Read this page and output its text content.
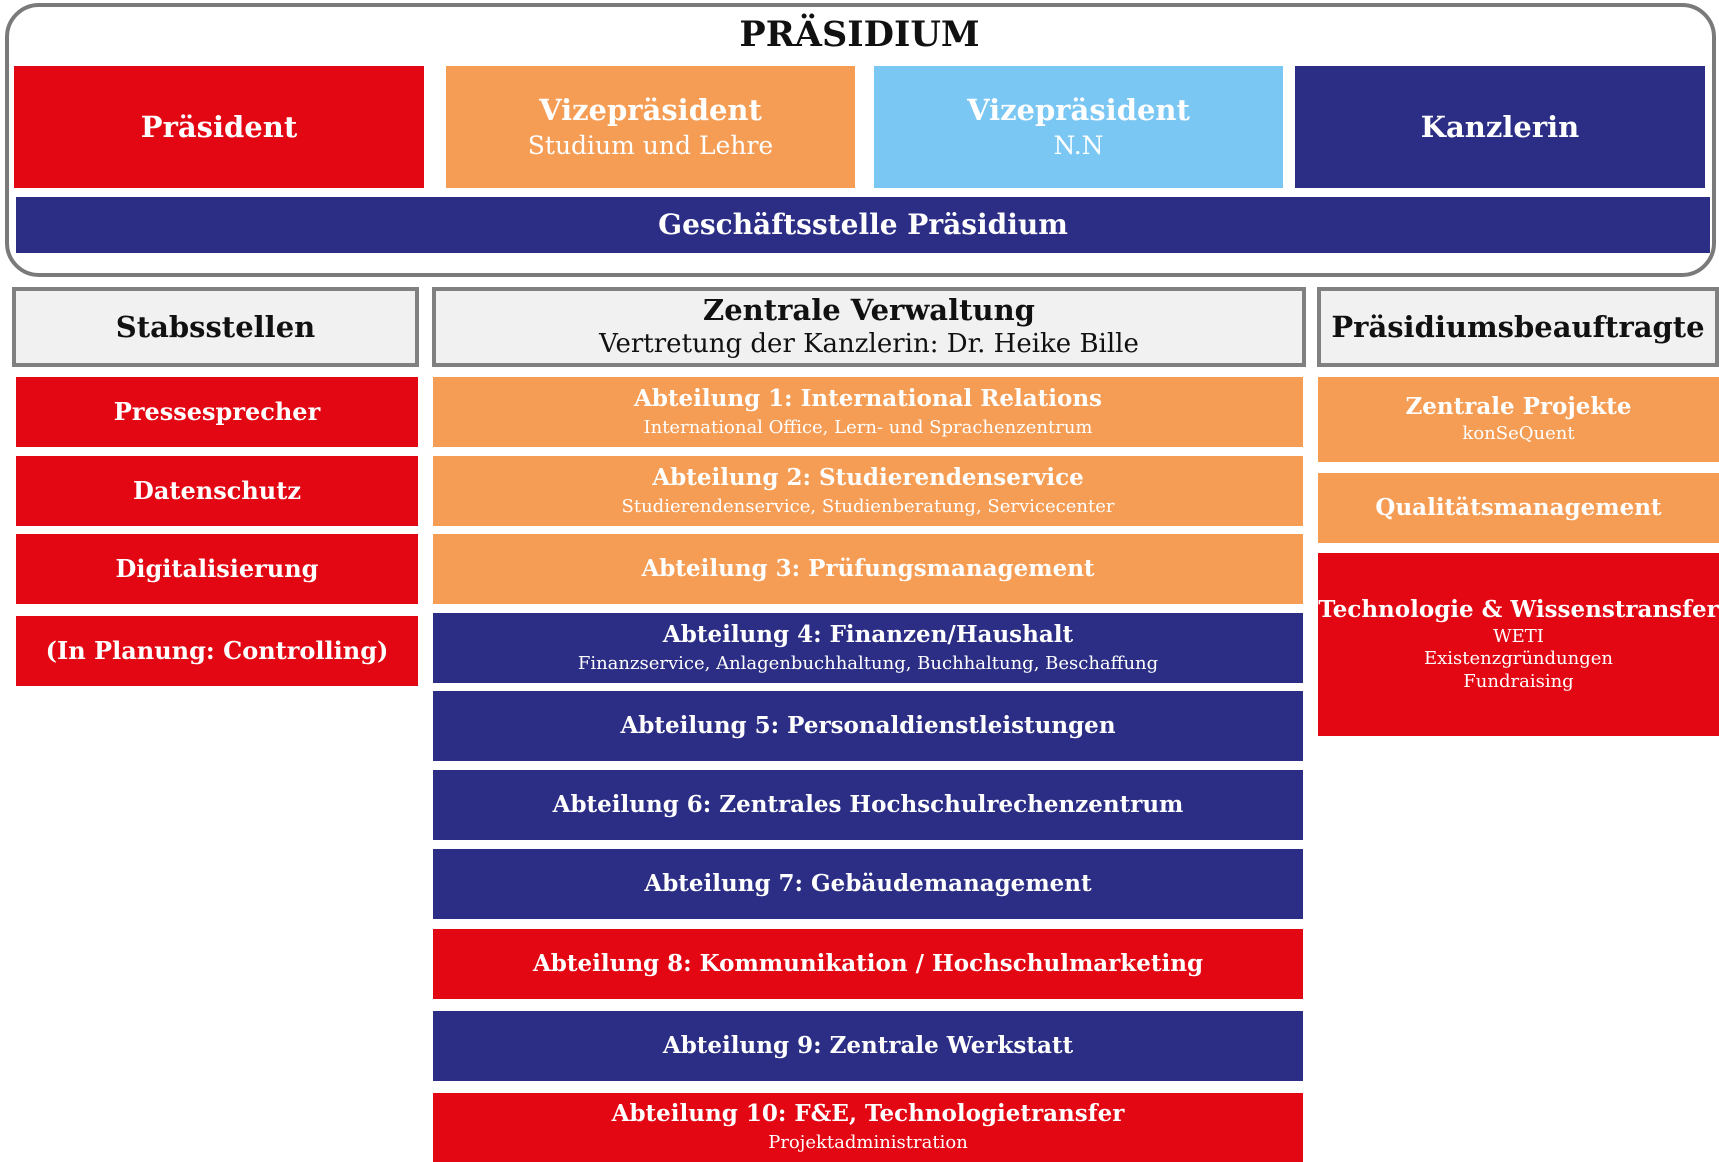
PRÄSIDIUM
Präsident	Vizepräsident
Studium und Lehre
Vizepräsident
N.N
Kanzlerin
Geschäftsstelle Präsidium
Stabsstellen	Zentrale Verwaltung
Vertretung der Kanzlerin: Dr. Heike Bille
Präsidiumsbeauftragte
Pressesprecher
Datenschutz
Digitalisierung
(In Planung: Controlling)
Abteilung 1: International Relations
International Office, Lern- und Sprachenzentrum
Abteilung 2: Studierendenservice
Studierendenservice, Studienberatung, Servicecenter
Abteilung 3: Prüfungsmanagement
Abteilung 4: Finanzen/Haushalt
Finanzservice, Anlagenbuchhaltung, Buchhaltung, Beschaffung
Abteilung 5: Personaldienstleistungen
Abteilung 6: Zentrales Hochschulrechenzentrum
Abteilung 7: Gebäudemanagement
Abteilung 8: Kommunikation / Hochschulmarketing
Abteilung 9: Zentrale Werkstatt
Abteilung 10: F&E, Technologietransfer
Projektadministration
Zentrale Projekte
konSeQuent
Qualitätsmanagement
Technologie & Wissenstransfer
WETI
Existenzgründungen
Fundraising
